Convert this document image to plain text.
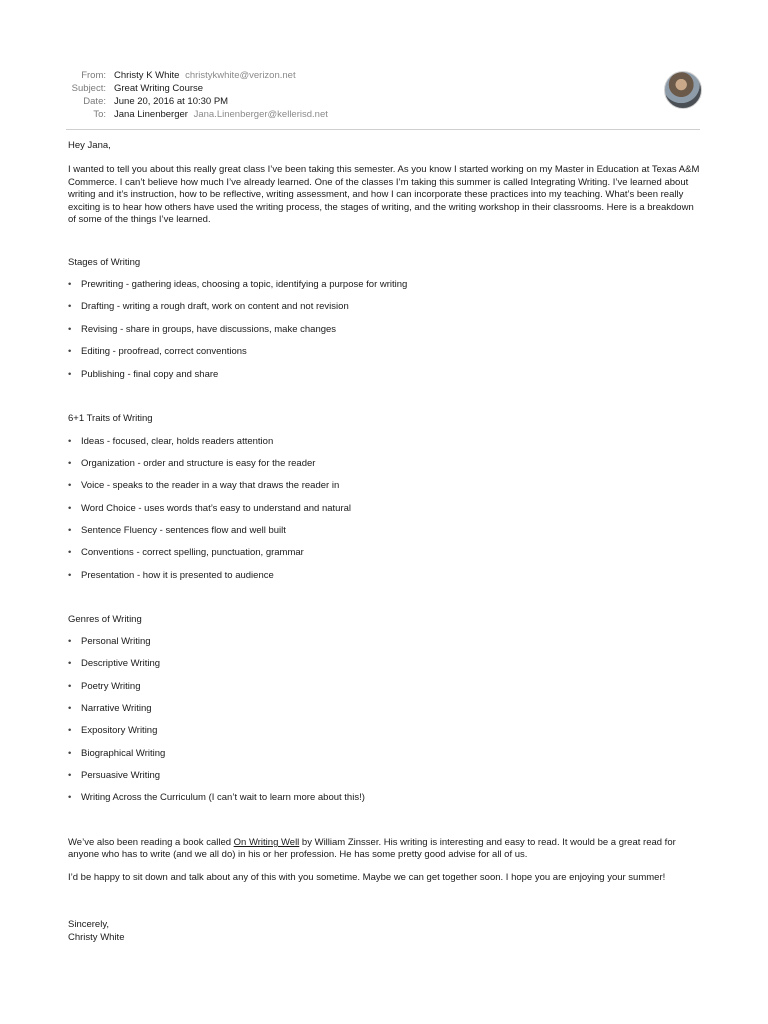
From: Christy K White christykwhite@verizon.net
Subject: Great Writing Course
Date: June 20, 2016 at 10:30 PM
To: Jana Linenberger Jana.Linenberger@kellerisd.net
Hey Jana,
I wanted to tell you about this really great class I’ve been taking this semester. As you know I started working on my Master in Education at Texas A&M Commerce. I can’t believe how much I’ve already learned. One of the classes I’m taking this summer is called Integrating Writing. I’ve learned about writing and it’s instruction, how to be reflective, writing assessment, and how I can incorporate these practices into my teaching. What’s been really exciting is to hear how others have used the writing process, the stages of writing, and the writing workshop in their classrooms. Here is a breakdown of some of the things I’ve learned.
Stages of Writing
• Prewriting - gathering ideas, choosing a topic, identifying a purpose for writing
• Drafting - writing a rough draft, work on content and not revision
• Revising - share in groups, have discussions, make changes
• Editing - proofread, correct conventions
• Publishing - final copy and share
6+1 Traits of Writing
• Ideas - focused, clear, holds readers attention
• Organization - order and structure is easy for the reader
• Voice - speaks to the reader in a way that draws the reader in
• Word Choice - uses words that’s easy to understand and natural
• Sentence Fluency - sentences flow and well built
• Conventions - correct spelling, punctuation, grammar
• Presentation - how it is presented to audience
Genres of Writing
• Personal Writing
• Descriptive Writing
• Poetry Writing
• Narrative Writing
• Expository Writing
• Biographical Writing
• Persuasive Writing
• Writing Across the Curriculum (I can’t wait to learn more about this!)
We’ve also been reading a book called On Writing Well by William Zinsser. His writing is interesting and easy to read. It would be a great read for anyone who has to write (and we all do) in his or her profession. He has some pretty good advise for all of us.
I’d be happy to sit down and talk about any of this with you sometime. Maybe we can get together soon. I hope you are enjoying your summer!
Sincerely,
Christy White
